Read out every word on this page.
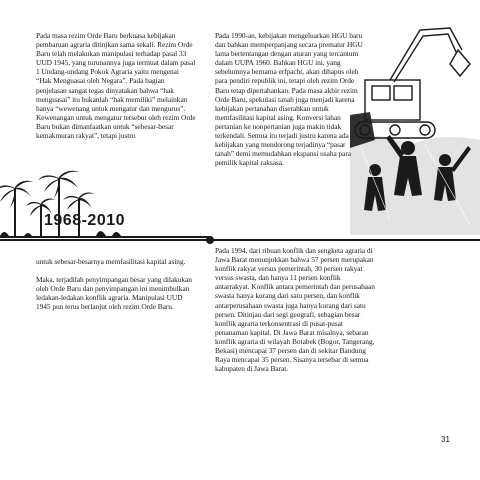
Pada masa rezim Orde Baru berkuasa kebijakan pembaruan agraria ditinjkan sama sekali. Rezim Orde Baru telah melakukan manipulasi terhadap pasal 33 UUD 1945, yang turunannya juga termuat dalam pasal 1 Undang-undang Pokok Agraria yaitu mengenai “Hak Menguasai oleh Negara”. Pada bagian penjelasan sangat tegas dinyatakan bahwa “hak menguasai” itu bukanlah “hak memiliki” melainkan hanya “wewenang untuk mengatur dan mengurus”. Kewenangan untuk mengatur tersebut oleh rezim Orde Baru bukan dimanfaatkan untuk “sebesar-besar kemakmuran rakyat”, tetapi justru

1968-2010

untuk sebesar-besarnya memfasilitasi kapital asing.

Maka, terjadilah penyimpangan besar yang dilakukan oleh Orde Baru dan penyimpangan ini menimbulkan ledakan-ledakan konflik agraria. Manipulasi UUD 1945 pun terus berlanjut oleh rezim Orde Baru.

Pada 1990-an, kebijakan mengeluarkan HGU baru dan bahkan memperpanjang secara prematur HGU lama bertentangan dengan aturan yang tercantum dalam UUPA 1960. Bahkan HGU ini, yang sebelumnya bernama erfpacht, akan dihapus oleh para pendiri republik ini, tetapi oleh rezim Orde Baru tetap dipertahankan. Pada masa akhir rezim Orde Baru, spekulasi tanah juga menjadi karena kebijakan pertanahan diserahkan untuk memfasilitasi kapital asing. Konversi lahan pertanian ke nonpertanian juga makin tidak terkendali. Semua itu terjadi justru karena ada kebijakan yang mendorong terjadinya “pasar tanah” demi memudahkan ekspansi usaha para pemilik kapital raksasa.

Pada 1994, dari ribuan konflik dan sengketa agraria di Jawa Barat menunjukkan bahwa 57 persen merupakan konflik rakyat versus pemerintah, 30 persen rakyat versus swasta, dan hanya 11 persen konflik antarrakyat. Konflik antara pemerintah dan perusahaan swasta hanya kurang dari satu persen, dan konflik antarperusahaan swasta juga hanya kurang dari satu persen. Ditinjau dari segi geografi, sebagian besar konflik agraria terkonsentrasi di pusat-pusat penanaman kapital. Di Jawa Barat misalnya, sebaran konflik agraria di wilayah Botabek (Bogor, Tangerang, Bekasi) mencapai 37 persen dan di sekitar Bandung Raya mencapai 35 persen. Sisanya tersebar di semua kabupaten di Jawa Barat.

31
